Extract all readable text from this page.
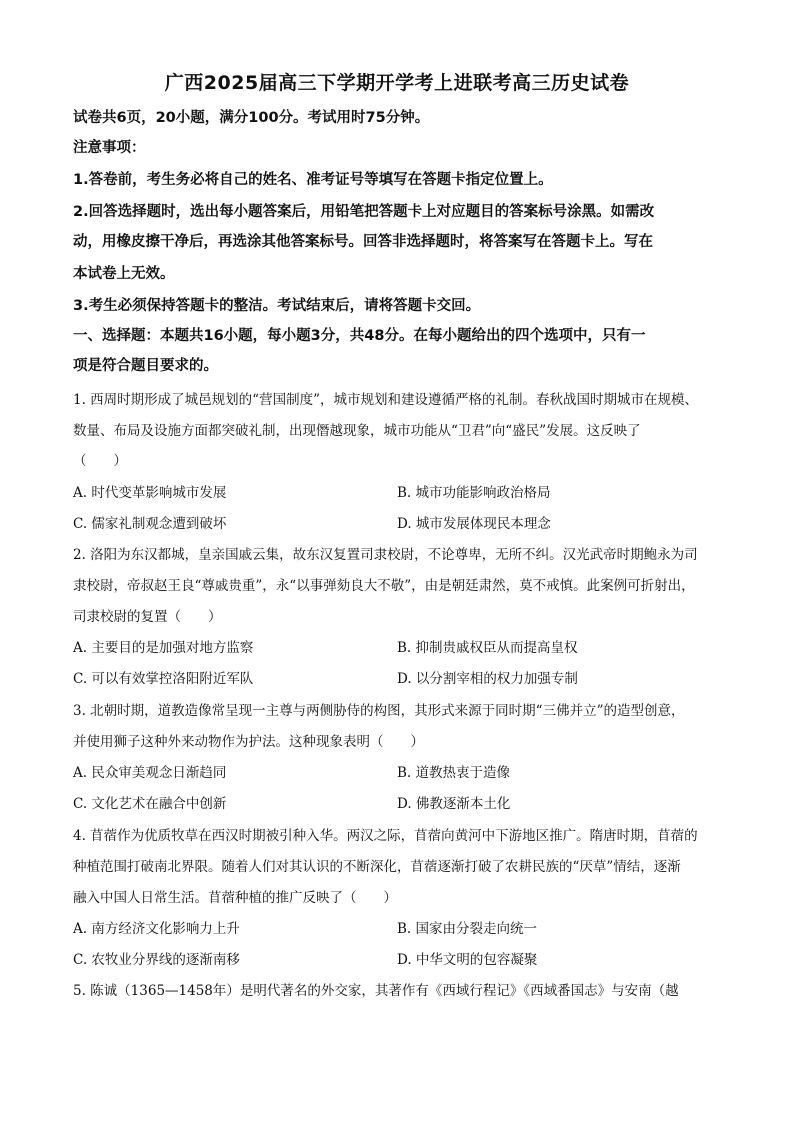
广西2025届高三下学期开学考上进联考高三历史试卷
试卷共6页，20小题，满分100分。考试用时75分钟。
注意事项：
1.答卷前，考生务必将自己的姓名、准考证号等填写在答题卡指定位置上。
2.回答选择题时，选出每小题答案后，用铅笔把答题卡上对应题目的答案标号涂黑。如需改
动，用橡皮擦干净后，再选涂其他答案标号。回答非选择题时，将答案写在答题卡上。写在
本试卷上无效。
3.考生必须保持答题卡的整洁。考试结束后，请将答题卡交回。
一、选择题：本题共16小题，每小题3分，共48分。在每小题给出的四个选项中，只有一
项是符合题目要求的。
1. 西周时期形成了城邑规划的“营国制度”，城市规划和建设遵循严格的礼制。春秋战国时期城市在规模、
数量、布局及设施方面都突破礼制，出现僭越现象，城市功能从“卫君”向“盛民”发展。这反映了
（　　）
A. 时代变革影响城市发展	B. 城市功能影响政治格局
C. 儒家礼制观念遭到破坏	D. 城市发展体现民本理念
2. 洛阳为东汉都城，皇亲国戚云集，故东汉复置司隶校尉，不论尊卑，无所不纠。汉光武帝时期鲍永为司
隶校尉，帝叔赵王良“尊戚贵重”，永“以事弹劾良大不敬”，由是朝廷肃然，莫不戒慎。此案例可折射出，
司隶校尉的复置（　　）
A. 主要目的是加强对地方监察	B. 抑制贵戚权臣从而提高皇权
C. 可以有效掌控洛阳附近军队	D. 以分割宰相的权力加强专制
3. 北朝时期，道教造像常呈现一主尊与两侧胁侍的构图，其形式来源于同时期“三佛并立”的造型创意，
并使用狮子这种外来动物作为护法。这种现象表明（　　）
A. 民众审美观念日渐趋同	B. 道教热衷于造像
C. 文化艺术在融合中创新	D. 佛教逐渐本土化
4. 苜蓿作为优质牧草在西汉时期被引种入华。两汉之际，苜蓿向黄河中下游地区推广。隋唐时期，苜蓿的
种植范围打破南北界限。随着人们对其认识的不断深化，苜蓿逐渐打破了农耕民族的“厌草”情结，逐渐
融入中国人日常生活。苜蓿种植的推广反映了（　　）
A. 南方经济文化影响力上升	B. 国家由分裂走向统一
C. 农牧业分界线的逐渐南移	D. 中华文明的包容凝聚
5. 陈诚（1365—1458年）是明代著名的外交家，其著作有《西域行程记》《西域番国志》与安南（越
